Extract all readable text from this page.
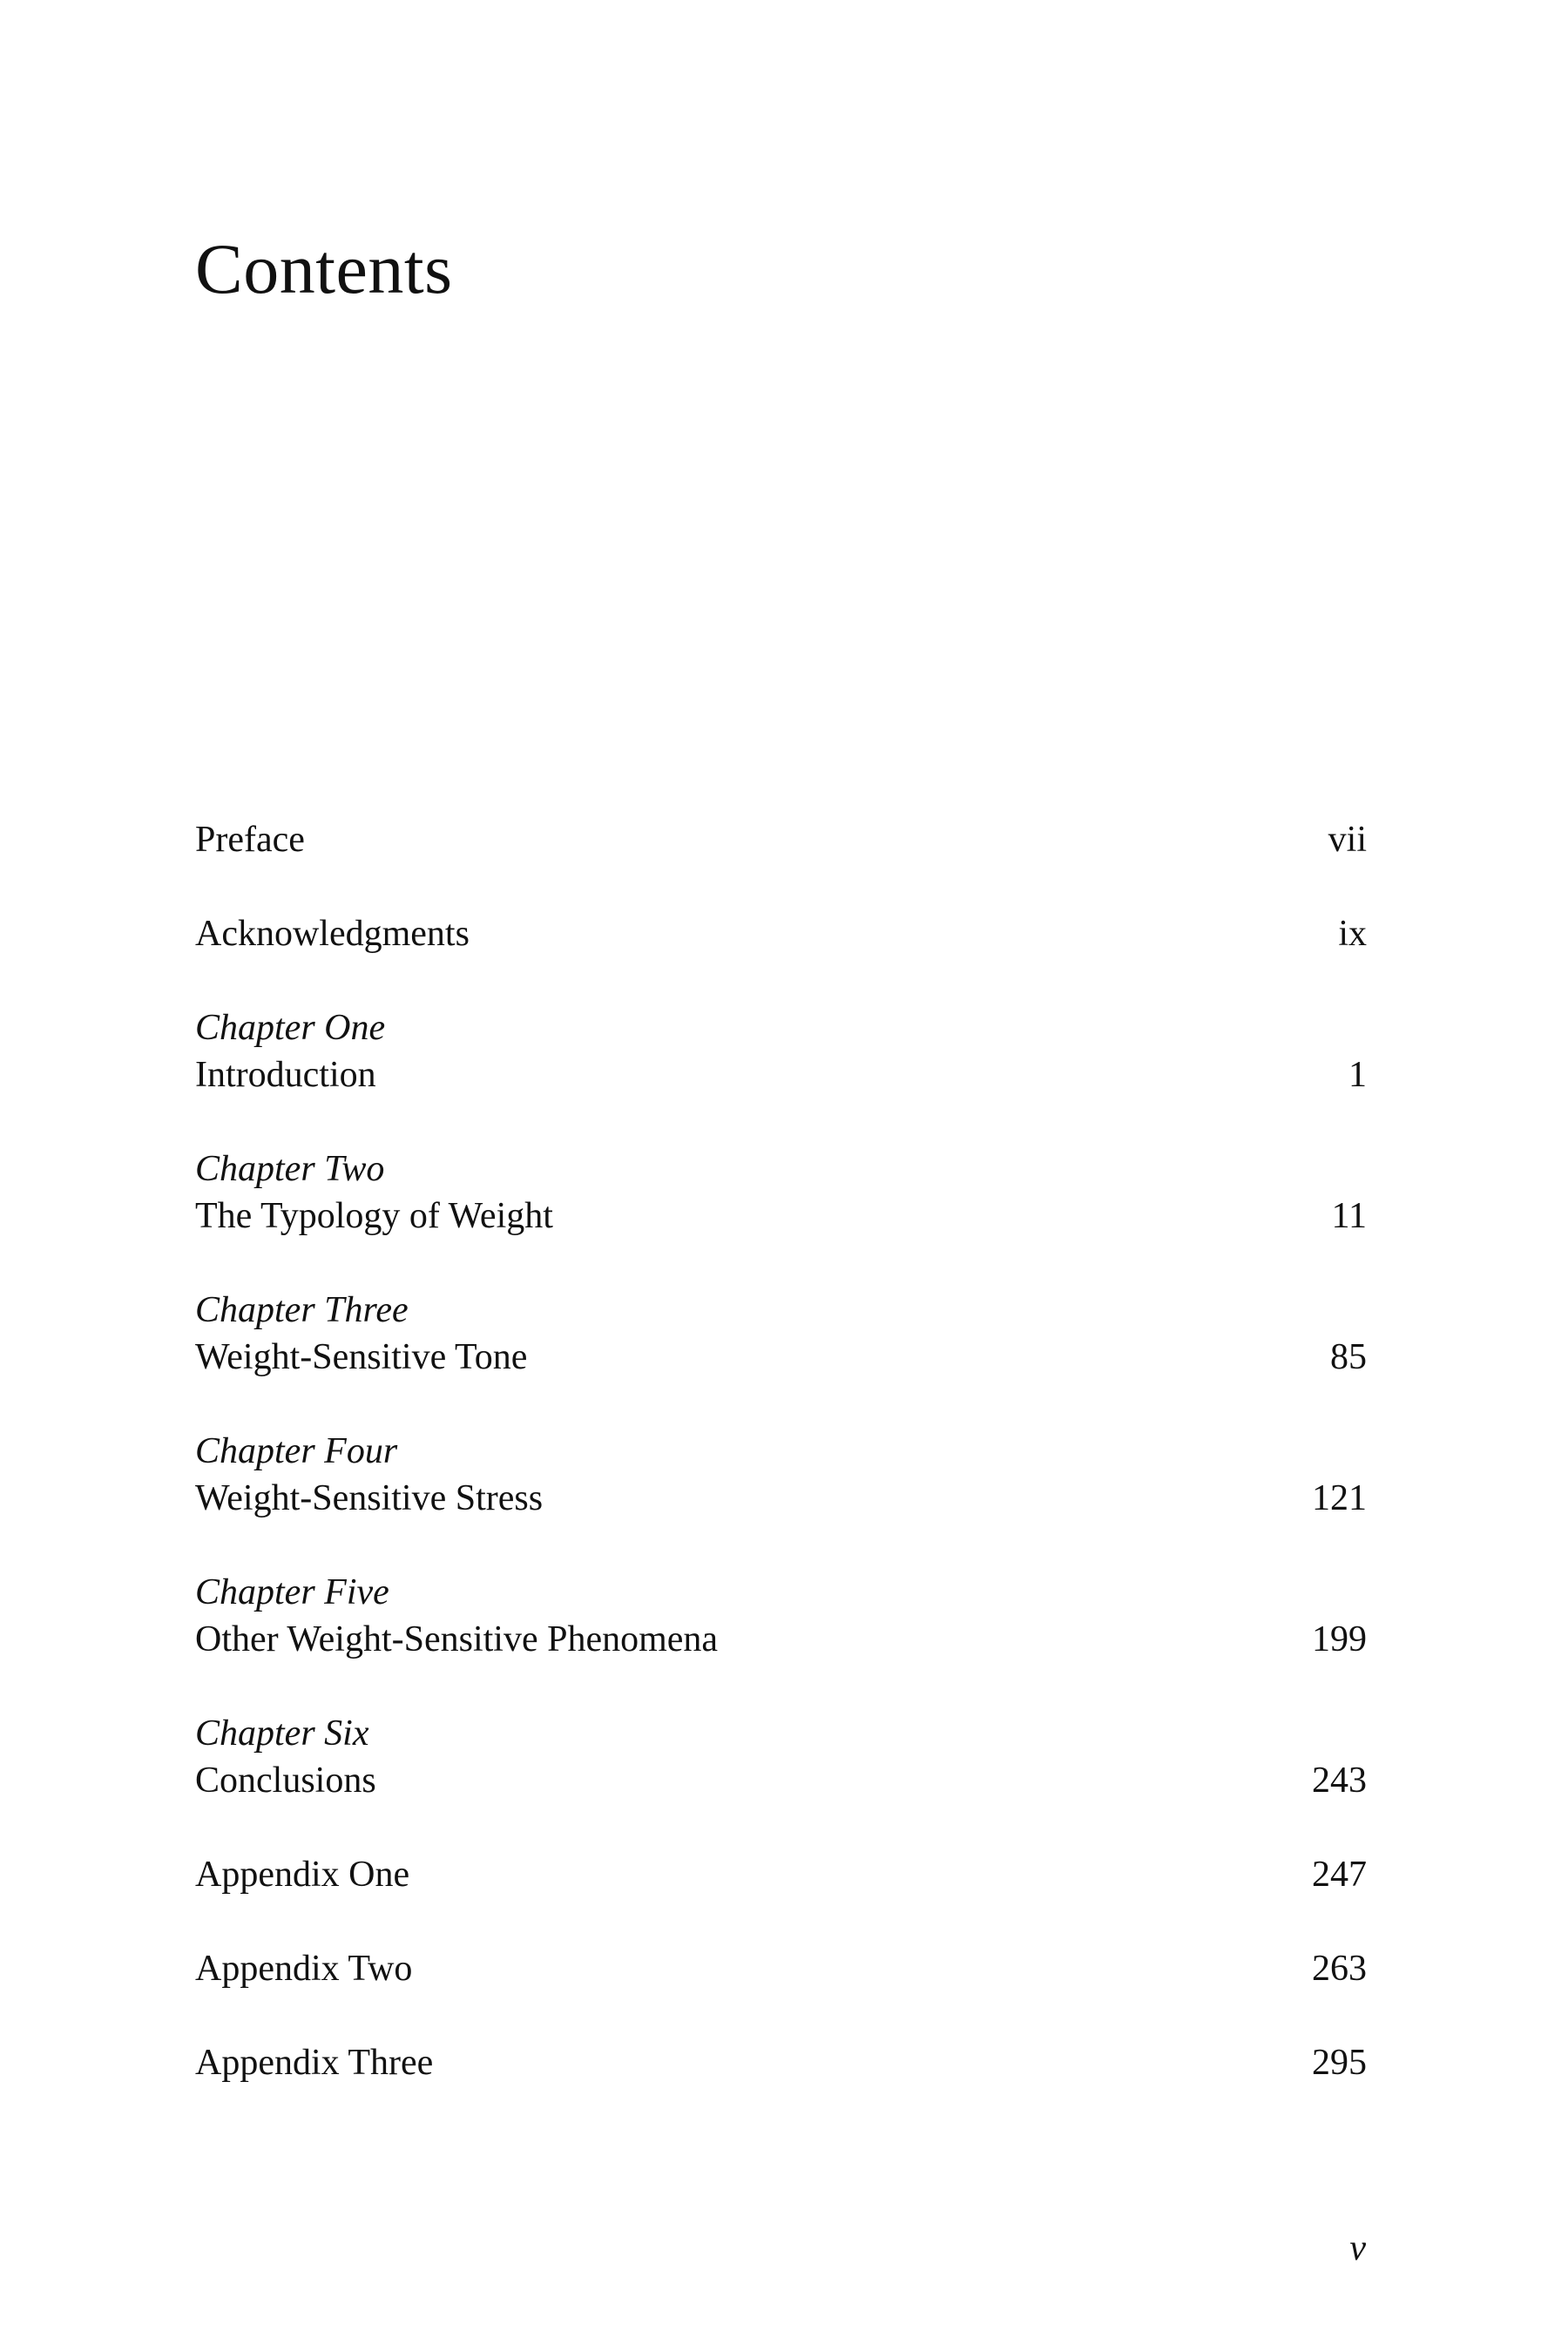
Contents
Preface	vii
Acknowledgments	ix
Chapter One
Introduction	1
Chapter Two
The Typology of Weight	11
Chapter Three
Weight-Sensitive Tone	85
Chapter Four
Weight-Sensitive Stress	121
Chapter Five
Other Weight-Sensitive Phenomena	199
Chapter Six
Conclusions	243
Appendix One	247
Appendix Two	263
Appendix Three	295
v
